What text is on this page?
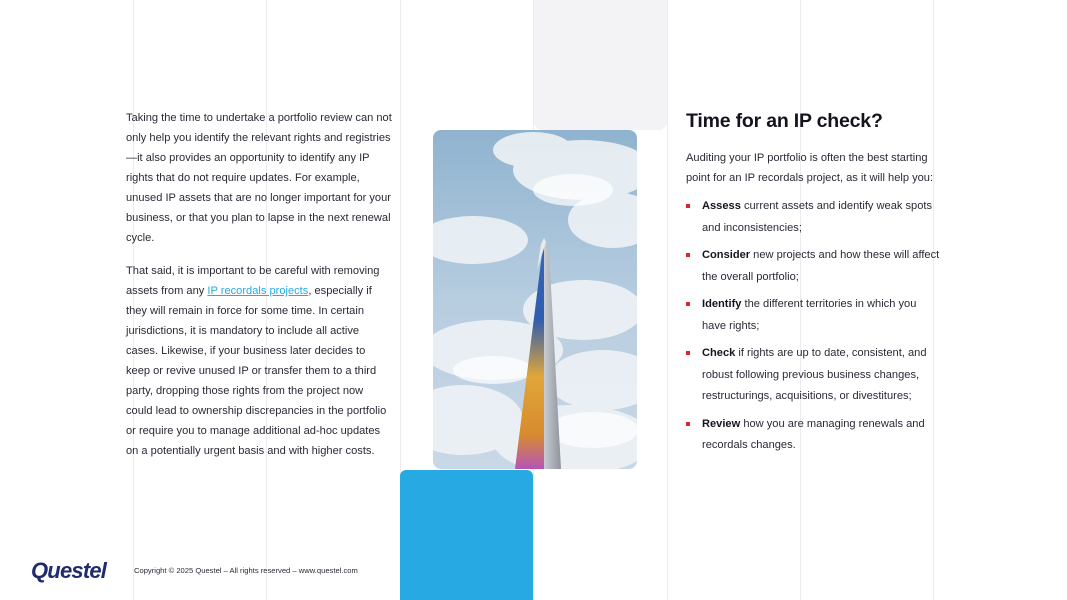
Taking the time to undertake a portfolio review can not only help you identify the relevant rights and registries—it also provides an opportunity to identify any IP rights that do not require updates. For example, unused IP assets that are no longer important for your business, or that you plan to lapse in the next renewal cycle.

That said, it is important to be careful with removing assets from any IP recordals projects, especially if they will remain in force for some time. In certain jurisdictions, it is mandatory to include all active cases. Likewise, if your business later decides to keep or revive unused IP or transfer them to a third party, dropping those rights from the project now could lead to ownership discrepancies in the portfolio or require you to manage additional ad-hoc updates on a potentially urgent basis and with higher costs.

Time for an IP check?

Auditing your IP portfolio is often the best starting point for an IP recordals project, as it will help you:

Assess current assets and identify weak spots and inconsistencies;
Consider new projects and how these will affect the overall portfolio;
Identify the different territories in which you have rights;
Check if rights are up to date, consistent, and robust following previous business changes, restructurings, acquisitions, or divestitures;
Review how you are managing renewals and recordals changes.
Questel	Copyright © 2025 Questel – All rights reserved – www.questel.com
